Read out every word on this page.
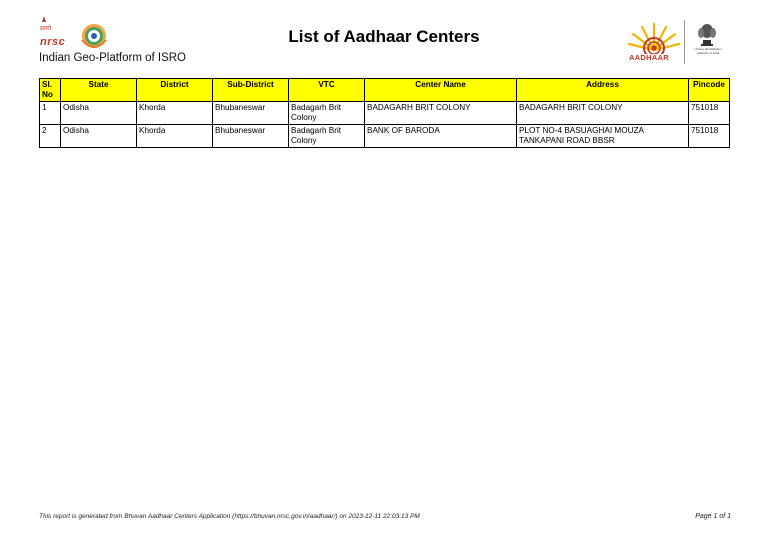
इसरो
nrsc
Indian Geo-Platform of ISRO
List of Aadhaar Centers
AADHAAR
Unique Identification Authority of India
Sl. No	State	District	Sub-District	VTC	Center Name	Address	Pincode
1	Odisha	Khorda	Bhubaneswar	Badagarh Brit Colony	BADAGARH BRIT COLONY	BADAGARH BRIT COLONY	751018
2	Odisha	Khorda	Bhubaneswar	Badagarh Brit Colony	BANK OF BARODA	PLOT NO-4 BASUAGHAI MOUZA TANKAPANI ROAD BBSR	751018
This report is generated from Bhuvan Aadhaar Centers Application (https://bhuvan.nrsc.gov.in/aadhaar/) on 2023-12-11 22:03:13 PM	Page 1 of 1
